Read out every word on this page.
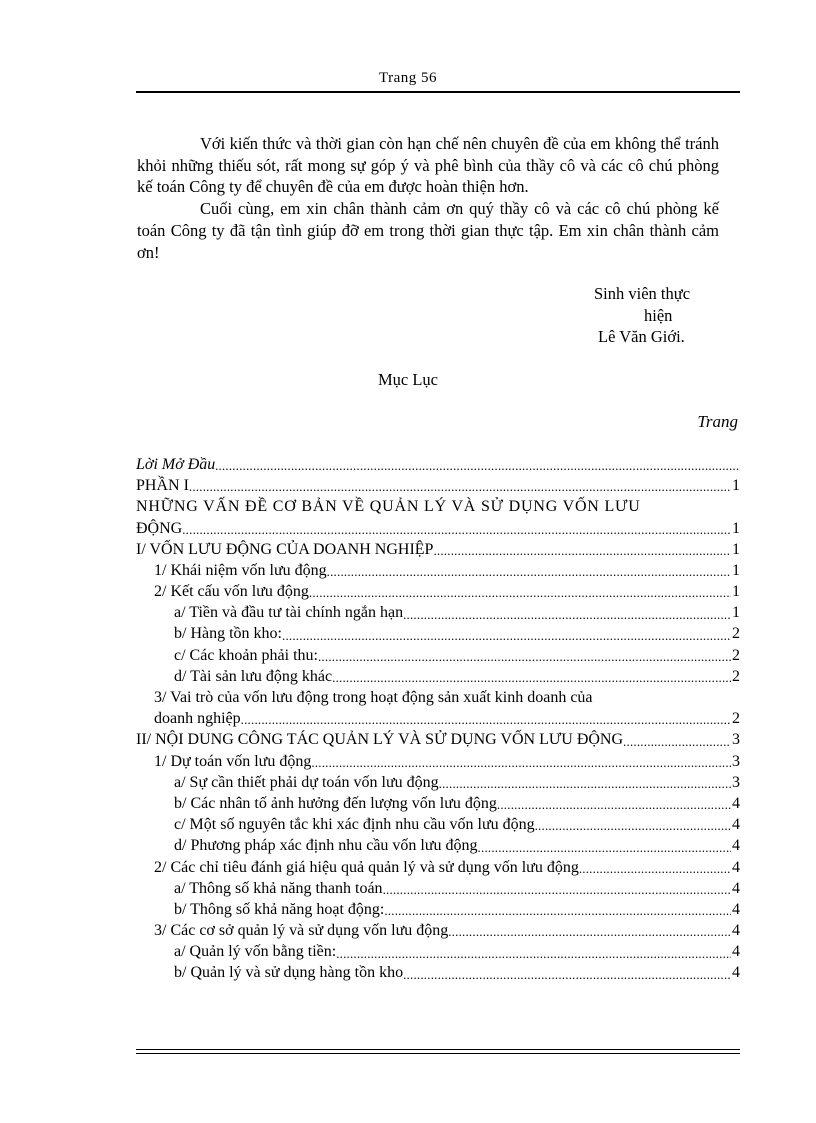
Trang 56

Với kiến thức và thời gian còn hạn chế nên chuyên đề của em không thể tránh khỏi những thiếu sót, rất mong sự góp ý và phê bình của thầy cô và các cô chú phòng kế toán Công ty để chuyên đề của em được hoàn thiện hơn.

Cuối cùng, em xin chân thành cảm ơn quý thầy cô và các cô chú phòng kế toán Công ty đã tận tình giúp đỡ em trong thời gian thực tập. Em xin chân thành cảm ơn!

Sinh viên thực
hiện
Lê Văn Giới.
Mục Lục
Trang
Lời Mở Đầu
.....
PHẦN I .....	1
NHỮNG VẤN ĐỀ CƠ BẢN VỀ QUẢN LÝ VÀ SỬ DỤNG VỐN LƯU
ĐỘNG .....	1
I/ VỐN LƯU ĐỘNG CỦA DOANH NGHIỆP .....	1
1/ Khái niệm vốn lưu động .....	1
2/ Kết cấu vốn lưu động .....	1
a/ Tiền và đầu tư tài chính ngắn hạn .....	1
b/ Hàng tồn kho: .....	2
c/ Các khoản phải thu: .....	2
d/ Tài sản lưu động khác .....	2
3/ Vai trò của vốn lưu động trong hoạt động sản xuất kinh doanh của
doanh nghiệp .....	2
II/ NỘI DUNG CÔNG TÁC QUẢN LÝ VÀ SỬ DỤNG VỐN LƯU ĐỘNG .....	3
1/ Dự toán vốn lưu động .....	3
a/ Sự cần thiết phải dự toán vốn lưu động .....	3
b/ Các nhân tố ảnh hưởng đến lượng vốn lưu động .....	4
c/ Một số nguyên tắc khi xác định nhu cầu vốn lưu động .....	4
d/ Phương pháp xác định nhu cầu vốn lưu động .....	4
2/ Các chỉ tiêu đánh giá hiệu quả quản lý và sử dụng vốn lưu động .....	4
a/ Thông số khả năng thanh toán .....	4
b/ Thông số khả năng hoạt động: .....	4
3/ Các cơ sở quản lý và sử dụng vốn lưu động .....	4
a/ Quản lý vốn bằng tiền: .....	4
b/ Quản lý và sử dụng hàng tồn kho .....	4
